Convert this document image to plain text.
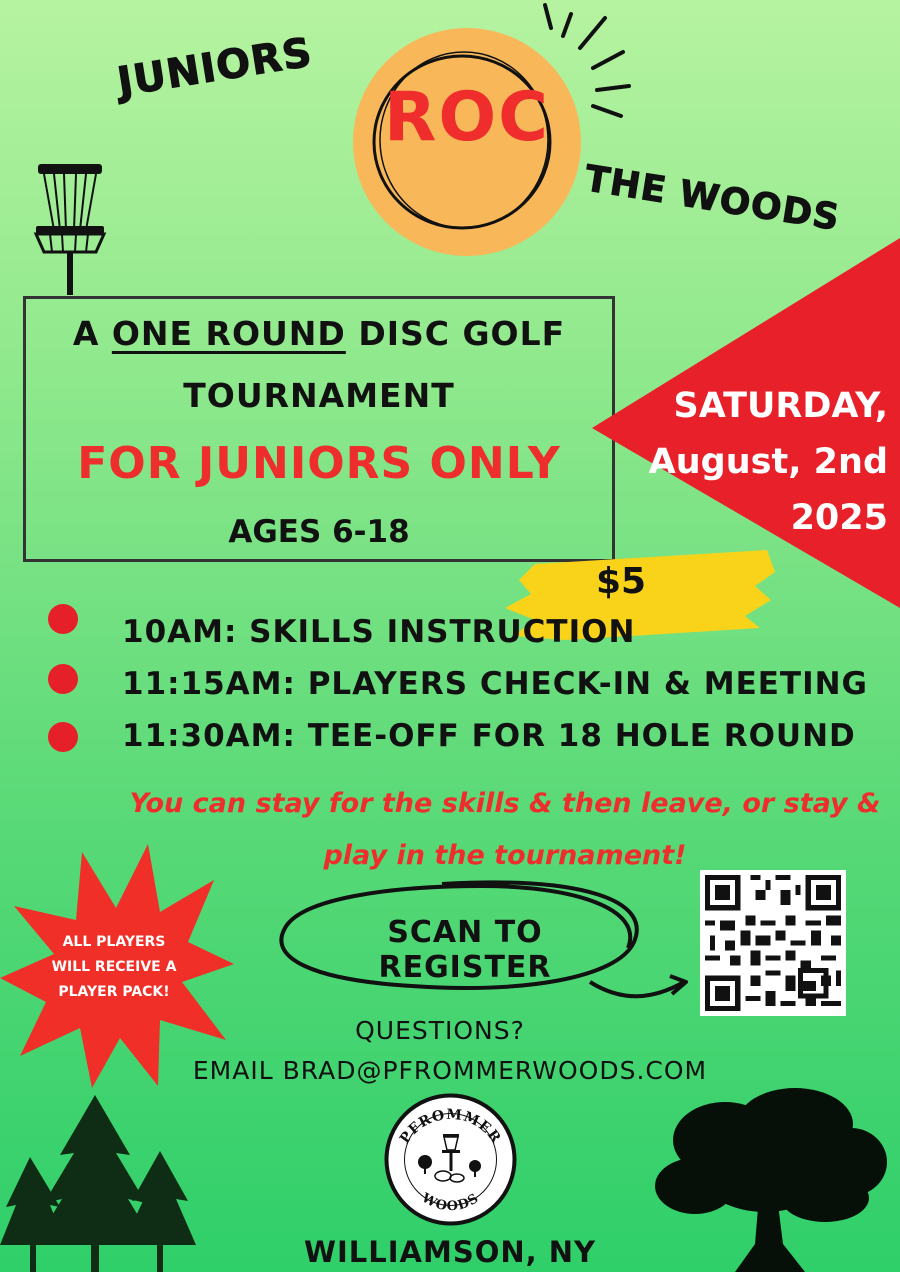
JUNIORS
ROC
THE WOODS
A ONE ROUND DISC GOLF
TOURNAMENT
FOR JUNIORS ONLY
AGES 6-18
SATURDAY,
August, 2nd
2025
$5
10AM: SKILLS INSTRUCTION
11:15AM: PLAYERS CHECK-IN & MEETING
11:30AM: TEE-OFF FOR 18 HOLE ROUND
You can stay for the skills & then leave, or stay &
play in the tournament!
ALL PLAYERS
WILL RECEIVE A
PLAYER PACK!
SCAN TO REGISTER
QUESTIONS?
EMAIL BRAD@PFROMMERWOODS.COM
PFROMMER
WOODS
WILLIAMSON, NY
